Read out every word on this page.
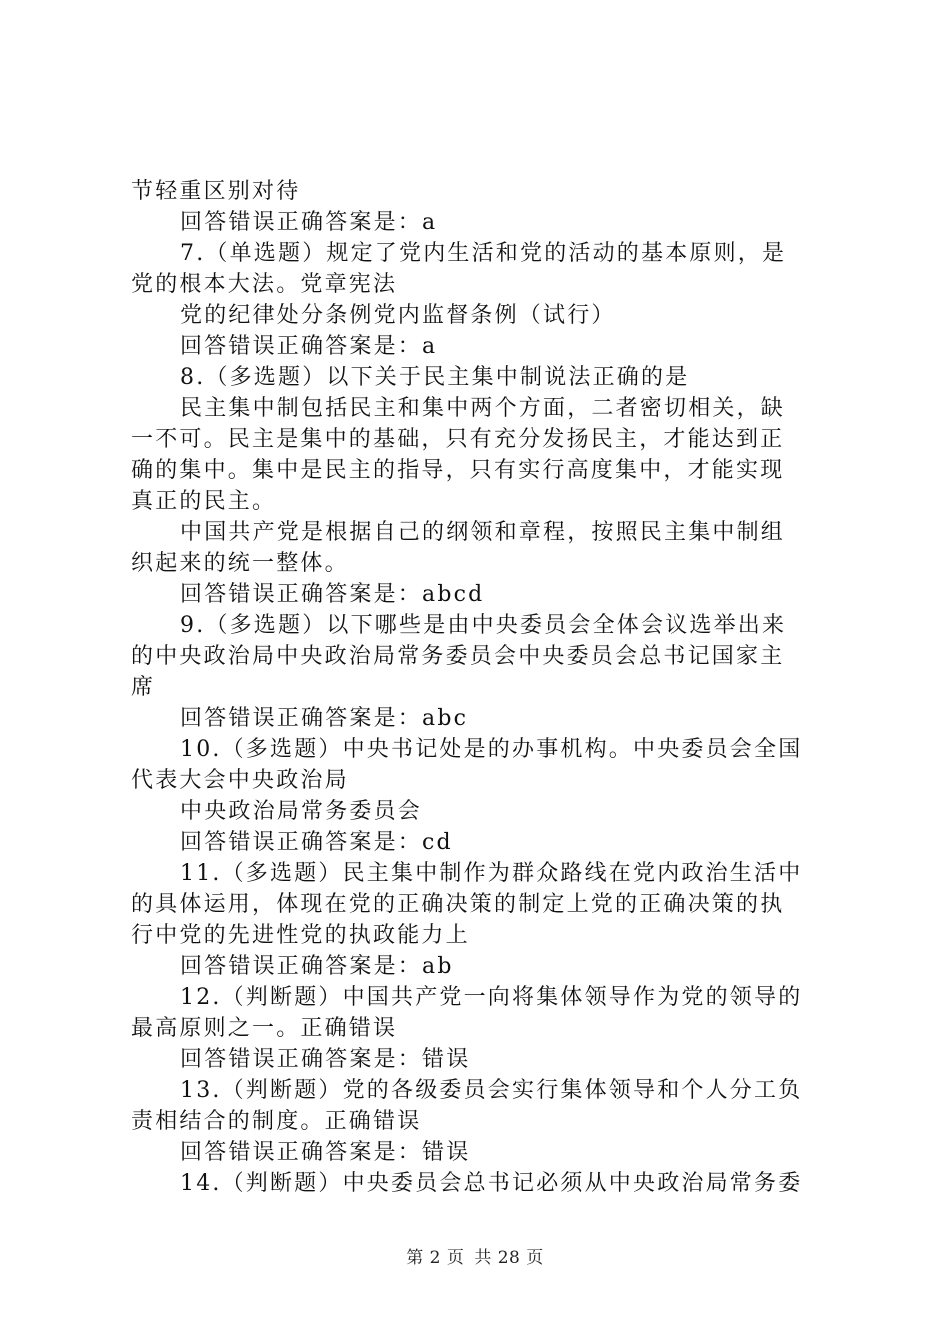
节轻重区别对待
回答错误正确答案是：a
7.（单选题）规定了党内生活和党的活动的基本原则，是
党的根本大法。党章宪法
党的纪律处分条例党内监督条例（试行）
回答错误正确答案是：a
8.（多选题）以下关于民主集中制说法正确的是
民主集中制包括民主和集中两个方面，二者密切相关，缺
一不可。民主是集中的基础，只有充分发扬民主，才能达到正
确的集中。集中是民主的指导，只有实行高度集中，才能实现
真正的民主。
中国共产党是根据自己的纲领和章程，按照民主集中制组
织起来的统一整体。
回答错误正确答案是：abcd
9.（多选题）以下哪些是由中央委员会全体会议选举出来
的中央政治局中央政治局常务委员会中央委员会总书记国家主
席
回答错误正确答案是：abc
10.（多选题）中央书记处是的办事机构。中央委员会全国
代表大会中央政治局
中央政治局常务委员会
回答错误正确答案是：cd
11.（多选题）民主集中制作为群众路线在党内政治生活中
的具体运用，体现在党的正确决策的制定上党的正确决策的执
行中党的先进性党的执政能力上
回答错误正确答案是：ab
12.（判断题）中国共产党一向将集体领导作为党的领导的
最高原则之一。正确错误
回答错误正确答案是：错误
13.（判断题）党的各级委员会实行集体领导和个人分工负
责相结合的制度。正确错误
回答错误正确答案是：错误
14.（判断题）中央委员会总书记必须从中央政治局常务委
第 2 页 共 28 页
